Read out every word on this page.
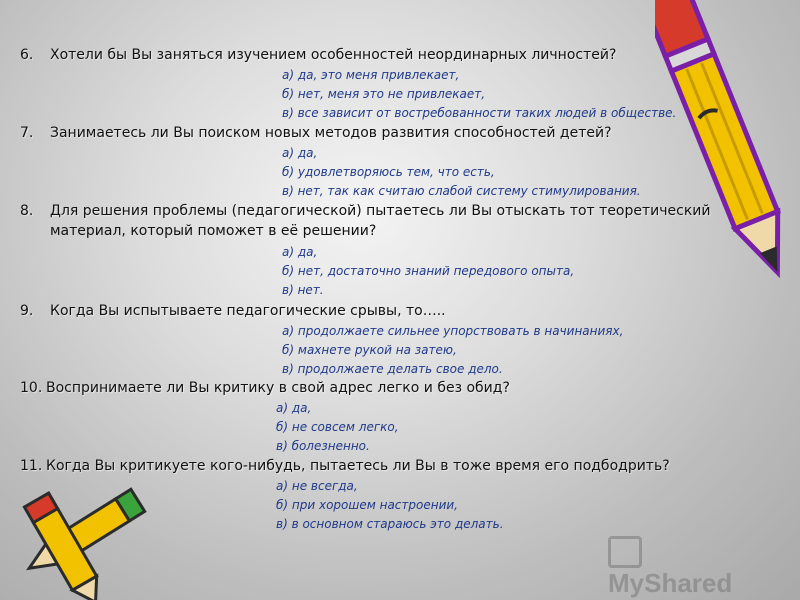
6. Хотели бы Вы заняться изучением особенностей неординарных личностей?
а) да, это меня привлекает,
б) нет, меня это не привлекает,
в) все зависит от востребованности таких людей в обществе.
7. Занимаетесь ли Вы поиском новых методов развития способностей детей?
а) да,
б) удовлетворяюсь тем, что есть,
в) нет, так как считаю слабой систему стимулирования.
8. Для решения проблемы (педагогической) пытаетесь ли Вы отыскать тот теоретический
материал, который поможет в её решении?
а) да,
б) нет, достаточно знаний передового опыта,
в) нет.
9. Когда Вы испытываете педагогические срывы, то…..
а) продолжаете сильнее упорствовать в начинаниях,
б) махнете рукой на затею,
в) продолжаете делать свое дело.
10. Воспринимаете ли Вы критику в свой адрес легко и без обид?
а) да,
б) не совсем легко,
в) болезненно.
11. Когда Вы критикуете кого-нибудь, пытаетесь ли Вы в тоже время его подбодрить?
а) не всегда,
б) при хорошем настроении,
в) в основном стараюсь это делать.
MyShared
